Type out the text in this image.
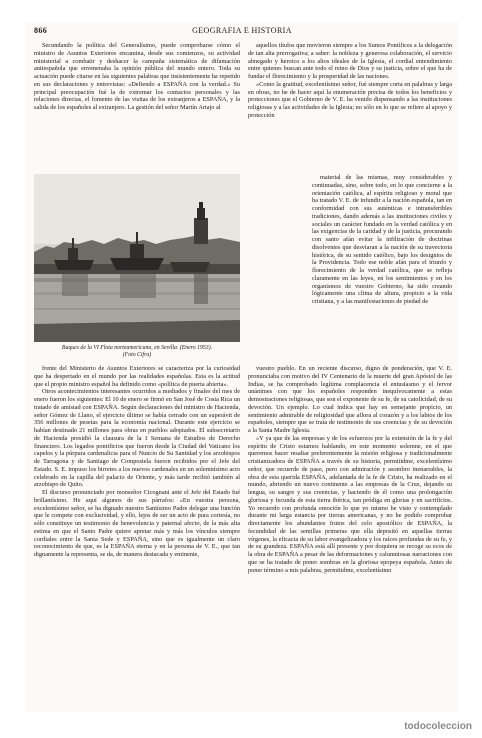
866	GEOGRAFIA E HISTORIA

Secundando la política del Generalísimo, puede comprobarse cómo el ministro de Asuntos Exteriores encamina, desde sus comienzos, su actividad ministerial a combatir y deshacer la campaña sistemática de difamación antiespañola que envenenaba la opinión pública del mundo entero. Toda su actuación puede citarse en las siguientes palabras que insistentemente ha repetido en sus declaraciones y entrevistas: «Defiendo a ESPAÑA con la verdad.» Su principal preocupación fué la de extremar los contactos personales y las relaciones directas, el fomento de las visitas de los extranjeros a ESPAÑA, y la salida de los españoles al extranjero. La gestión del señor Martín Artajo al

Buques de la VI Flota norteamericana, en Sevilla. (Enero 1953).
(Foto Cifra)

frente del Ministerio de Asuntos Exteriores se caracteriza por la curiosidad que ha despertado en el mundo por las realidades españolas. Esta es la actitud que el propio ministro español ha definido como «política de puerta abierta».

Otros acontecimientos interesantes ocurridos a mediados y finales del mes de enero fueron los siguientes: El 10 de enero se firmó en San José de Costa Rica un tratado de amistad con ESPAÑA. Según declaraciones del ministro de Hacienda, señor Gómez de Llano, el ejercicio último se había cerrado con un superávit de 356 millones de pesetas para la economía nacional. Durante este ejercicio se habían destinado 21 millones para obras en pueblos adoptados. El subsecretario de Hacienda presidió la clausura de la I Semana de Estudios de Derecho financiero. Los legados pontificios que fueron desde la Ciudad del Vaticano los capelos y la púrpura cardenalicia para el Nuncio de Su Santidad y los arzobispos de Tarragona y de Santiago de Compostela fueron recibidos por el Jefe del Estado. S. E. impuso los birretes a los nuevos cardenales en un solemnísimo acto celebrado en la capilla del palacio de Oriente, y más tarde recibió también al arzobispo de Quito.

El discurso pronunciado por monseñor Cicognani ante el Jefe del Estado fué brillantísimo. He aquí algunos de sus párrafos: «En vuestra persona, excelentísimo señor, se ha dignado nuestro Santísimo Padre delegar una función que le compete con exclusividad, y ello, lejos de ser un acto de pura cortesía, no sólo constituye un testimonio de benevolencia y paternal afecto, de la más alta estima en que el Santo Padre quiere apretar más y más los vínculos siempre cordiales entre la Santa Sede y ESPAÑA, sino que es igualmente un claro reconocimiento de que, es la ESPAÑA eterna y en la persona de V. E., que tan dignamente la representa, se da, de manera destacada y eminente,

aquellos títulos que movieron siempre a los Sumos Pontífices a la delegación de tan alta prerrogativa; a saber: la nobleza y generosa colaboración, el servicio abnegado y heroico a los altos ideales de la Iglesia, el cordial entendimiento entre quienes buscan ante todo el reino de Dios y su justicia, sobre el que ha de fundar el florecimiento y la prosperidad de las naciones.

»Como la gratitud, excelentísimo señor, fué siempre corta en palabras y larga en obras, no he de hacer aquí la enumeración precisa de todos los beneficios y protecciones que el Gobierno de V. E. ha venido dispensando a las instituciones religiosas y a las actividades de la Iglesia; no sólo en lo que se refiere al apoyo y protección

material de las mismas, muy considerables y continuadas, sino, sobre todo, en lo que concierne a la orientación católica, al espíritu religioso y moral que ha tratado V. E. de infundir a la nación española, tan en conformidad con sus auténticas e intransferibles tradiciones, dando además a las instituciones civiles y sociales un carácter fundado en la verdad católica y en las exigencias de la caridad y de la justicia, procurando con santo afán evitar la infiltración de doctrinas disolventes que desviaran a la nación de su travectoria histórica, de su sentido católico, bajo los designios de la Providencia. Todo ese noble afán para el triunfo y florecimiento de la verdad católica, que se refleja claramente en las leyes, en los sentimientos y en los organismos de vuestro Gobierno, ha sido creando lógicamente una clima de altura, propicio a la vida cristiana, y a las manifestaciones de piedad de

vuestro pueblo. En un reciente discurso, digno de ponderación, que V. E. pronunciaba con motivo del IV Centenario de la muerte del gran Apóstol de las Indias, se ha comprobado legítima complacencia el entusiasmo y el fervor unánimes con que los españoles responden inequívocamente a estas demostraciones religiosas, que son el exponente de su fe, de su catolicidad, de su devoción. Un ejemplo. Lo cual indica que hay en semejante propicio, un sentimiento admirable de religiosidad que aflora al corazón y a los labios de los españoles, siempre que se trata de testimonio de sus creencias y de su devoción a la Santa Madre Iglesia.

»Y ya que de las empresas y de los esfuerzos por la extensión de la fe y del espíritu de Cristo estamos hablando, en este momento solemne, en el que queremos hacer resaltar preferentemente la misión religiosa y tradicionalmente cristianizadora de ESPAÑA a través de su historia, permitidme, excelentísimo señor, que recuerde de paso, pero con admiración y asombro inenarrables, la obra de esta querida ESPAÑA, adelantada de la fe de Cristo, ha realizado en el mundo, abriendo un nuevo continente a las empresas de la Cruz, dejando su lengua, su sangre y sus creencias, y haciendo de él como una prolongación gloriosa y fecunda de esta tierra ibérica, tan pródiga en glorias y en sacrificios. Yo recuerdo con profunda emoción lo que yo mismo he visto y contemplado durante mi larga estancia por tierras americanas, y no he podido comprobar directamente los abundantes frutos del celo apostólico de ESPAÑA, la fecundidad de las semillas primeras que ella depositó en aquellas tierras vírgenes, la eficacia de su labor evangelizadora y los raíces profundas de su fe, y de su grandeza. ESPAÑA está allí presente y por doquiera se recoge su ecos de la obra de ESPAÑA a pesar de las deformaciones y calumniosas narraciones con que se ha tratado de poner sombras en la gloriosa epopeya española. Antes de poner término a mis palabras, permitidme, excelentísimo

todocoleccion
